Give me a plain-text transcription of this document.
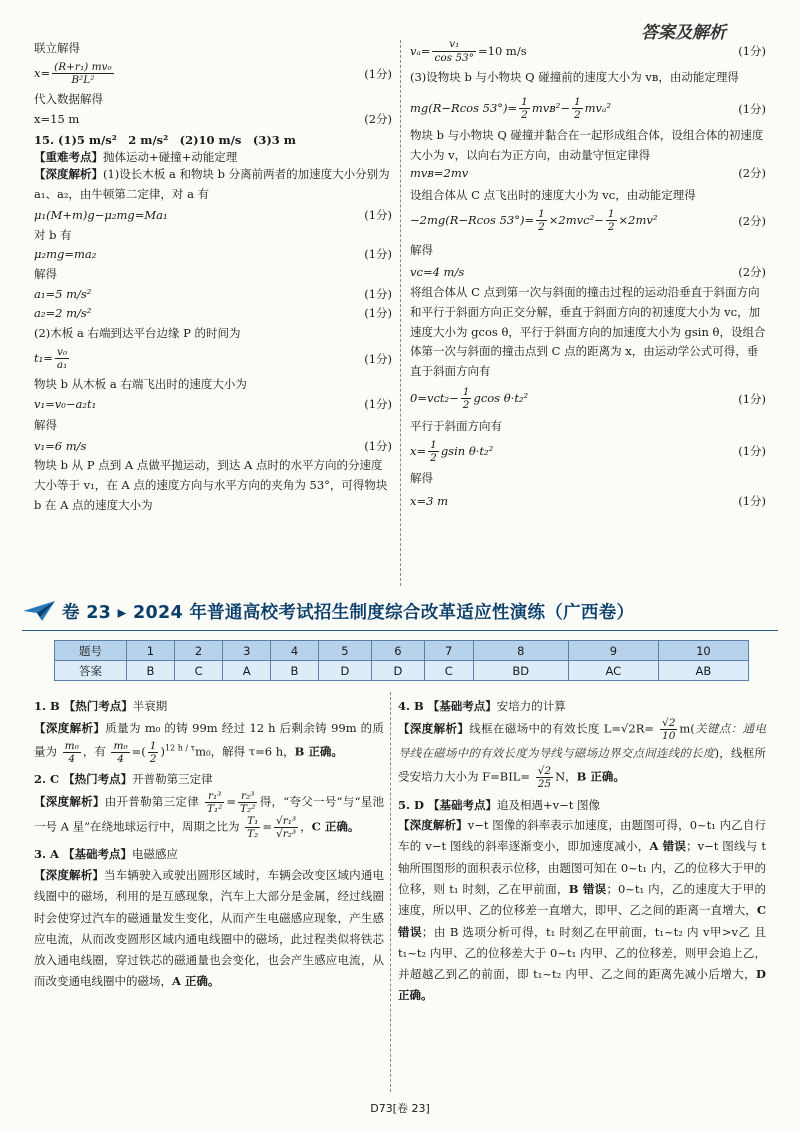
答案及解析
联立解得
$x= \frac{\text{(R+r₁) mv₀}}{\text{B²L²}}$	(1分)
代入数据解得
x=15 m	(2分)
15. (1)5 m/s²　2 m/s²　(2)10 m/s　(3)3 m
【重难考点】抛体运动+碰撞+动能定理
【深度解析】(1)设长木板 a 和物块 b 分离前两者的加速度大小分别为 a₁、a₂，由牛顿第二定律，对 a 有
μ₁(M+m)g−μ₂mg=Ma₁	(1分)
对 b 有
μ₂mg=ma₂	(1分)
解得
a₁=5 m/s²	(1分)
a₂=2 m/s²	(1分)
(2)木板 a 右端到达平台边缘 P 的时间为
$t_1= \frac{\text{v₀}}{\text{a₁}}$	(1分)
物块 b 从木板 a 右端飞出时的速度大小为
v₁=v₀−a₂t₁	(1分)
解得
v₁=6 m/s	(1分)
物块 b 从 P 点到 A 点做平抛运动，到达 A 点时的水平方向的分速度大小等于 v₁，在 A 点的速度方向与水平方向的夹角为 53°，可得物块 b 在 A 点的速度大小为
$v_a= \frac{\text{v₁}}{\cos 53^\circ} =10$ m/s	(1分)
(3)设物块 b 与小物块 Q 碰撞前的速度大小为 vʙ，由动能定理得
mg(R−Rcos $53^\circ)= \frac{1}{2}$ mvʙ²− $\frac{1}{2} mv_a^2$	(1分)
物块 b 与小物块 Q 碰撞并黏合在一起形成组合体，设组合体的初速度大小为 v，以向右为正方向，由动量守恒定律得
mvʙ=2mv	(2分)
设组合体从 C 点飞出时的速度大小为 vᴄ，由动能定理得
−2mg(R−Rcos $53^\circ)= \frac{1}{2}$ ×2mvᴄ²− $\frac{1}{2} \times 2mv^2$	(2分)
解得
vᴄ=4 m/s	(2分)
将组合体从 C 点到第一次与斜面的撞击过程的运动沿垂直于斜面方向和平行于斜面方向正交分解，垂直于斜面方向的初速度大小为 vᴄ，加速度大小为 gcos θ，平行于斜面方向的加速度大小为 gsin θ，设组合体第一次与斜面的撞击点到 C 点的距离为 x，由运动学公式可得，垂直于斜面方向有
0=vᴄt₂− $\frac{1}{2}$ gcos θ·t₂²	(1分)
平行于斜面方向有
$x= \frac{1}{2}$ gsin θ·t₂²	(1分)
解得
x=3 m	(1分)
卷 23 ▸ 2024 年普通高校考试招生制度综合改革适应性演练（广西卷）
题号	1	2	3	4	5	6	7	8	9	10
答案	B	C	A	B	D	D	C	BD	AC	AB
1. B 【热门考点】半衰期
【深度解析】质量为 m₀ 的铸 99m 经过 12 h 后剩余铸 99m 的质量为 $\frac{\text{m₀}}{4}$ ，有 $\frac{\text{m₀}}{4}$ =( $\frac{1}{2} )^{12 h / \tau}m_0$，解得 τ=6 h，B 正确。
2. C 【热门考点】开普勒第三定律
【深度解析】由开普勒第三定律 $\frac{\text{r₁³}}{\text{T₁²}} = \frac{\text{r₂³}}{\text{T₂²}}$ 得，“夸父一号”与“星池一号 A 星”在绕地球运行中，周期之比为 $\frac{\text{T₁}}{\text{T₂}} = \frac{\text{√r₁³}}{\text{√r₂³}}$ ，C 正确。
3. A 【基础考点】电磁感应
【深度解析】当车辆驶入或驶出圆形区域时，车辆会改变区域内通电线圈中的磁场，利用的是互感现象，汽车上大部分是金属，经过线圈时会使穿过汽车的磁通量发生变化，从而产生电磁感应现象，产生感应电流，从而改变圆形区域内通电线圈中的磁场，此过程类似将铁芯放入通电线圈，穿过铁芯的磁通量也会变化，也会产生感应电流，从而改变通电线圈中的磁场，A 正确。
4. B 【基础考点】安培力的计算
【深度解析】线框在磁场中的有效长度 $L=√2R= \frac{√2}{10} m$(关键点：通电导线在磁场中的有效长度为导线与磁场边界交点间连线的长度)，线框所受安培力大小为 $F=BIL= \frac{√2}{25}$ N，B 正确。
5. D 【基础考点】追及相遇+v−t 图像
【深度解析】v−t 图像的斜率表示加速度，由题图可得，0~t₁ 内乙自行车的 v−t 图线的斜率逐渐变小，即加速度减小，A 错误；v−t 图线与 t 轴所围图形的面积表示位移，由题图可知在 0~t₁ 内，乙的位移大于甲的位移，则 t₁ 时刻，乙在甲前面，B 错误；0~t₁ 内，乙的速度大于甲的速度，所以甲、乙的位移差一直增大，即甲、乙之间的距离一直增大，C 错误；由 B 选项分析可得，t₁ 时刻乙在甲前面，t₁~t₂ 内 v甲>v乙 且 t₁~t₂ 内甲、乙的位移差大于 0~t₁ 内甲、乙的位移差，则甲会追上乙，并超越乙到乙的前面，即 t₁~t₂ 内甲、乙之间的距离先减小后增大，D 正确。
D73[卷 23]
